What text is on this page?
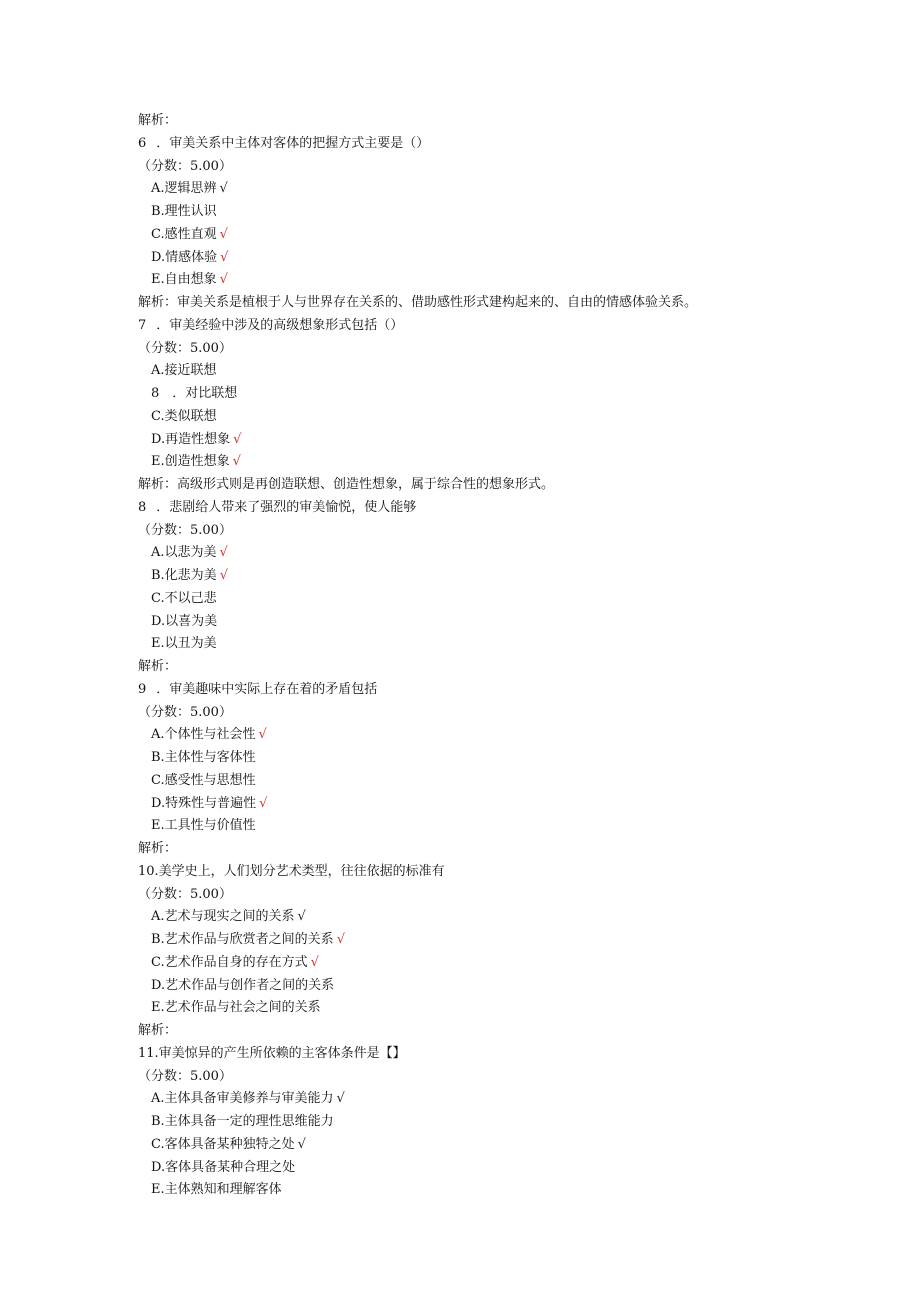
解析：
6 ．审美关系中主体对客体的把握方式主要是（）
（分数：5.00）
A.逻辑思辨 √
B.理性认识
C.感性直观 √
D.情感体验 √
E.自由想象 √
解析：审美关系是植根于人与世界存在关系的、借助感性形式建构起来的、自由的情感体验关系。
7 ．审美经验中涉及的高级想象形式包括（）
（分数：5.00）
A.接近联想
8　．对比联想
C.类似联想
D.再造性想象 √
E.创造性想象 √
解析：高级形式则是再创造联想、创造性想象，属于综合性的想象形式。
8 ．悲剧给人带来了强烈的审美愉悦，使人能够
（分数：5.00）
A.以悲为美 √
B.化悲为美 √
C.不以己悲
D.以喜为美
E.以丑为美
解析：
9 ．审美趣味中实际上存在着的矛盾包括
（分数：5.00）
A.个体性与社会性 √
B.主体性与客体性
C.感受性与思想性
D.特殊性与普遍性 √
E.工具性与价值性
解析：
10.美学史上，人们划分艺术类型，往往依据的标准有
（分数：5.00）
A.艺术与现实之间的关系 √
B.艺术作品与欣赏者之间的关系 √
C.艺术作品自身的存在方式 √
D.艺术作品与创作者之间的关系
E.艺术作品与社会之间的关系
解析：
11.审美惊异的产生所依赖的主客体条件是【】
（分数：5.00）
A.主体具备审美修养与审美能力 √
B.主体具备一定的理性思维能力
C.客体具备某种独特之处 √
D.客体具备某种合理之处
E.主体熟知和理解客体
